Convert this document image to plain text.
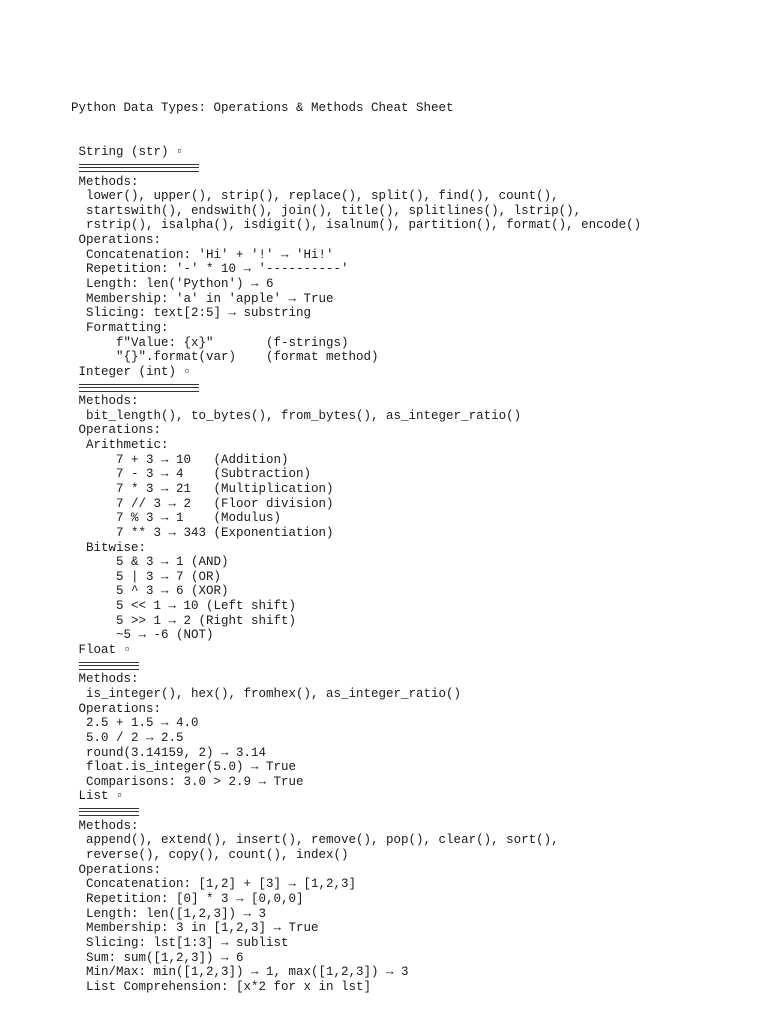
Python Data Types: Operations & Methods Cheat Sheet

String (str) ▫
Methods:
lower(), upper(), strip(), replace(), split(), find(), count(),
startswith(), endswith(), join(), title(), splitlines(), lstrip(),
rstrip(), isalpha(), isdigit(), isalnum(), partition(), format(), encode()
Operations:
Concatenation: 'Hi' + '!' → 'Hi!'
Repetition: '-' * 10 → '----------'
Length: len('Python') → 6
Membership: 'a' in 'apple' → True
Slicing: text[2:5] → substring
Formatting:
f"Value: {x}"       (f-strings)
"{}".format(var)    (format method)
Integer (int) ▫
Methods:
bit_length(), to_bytes(), from_bytes(), as_integer_ratio()
Operations:
Arithmetic:
7 + 3 → 10   (Addition)
7 - 3 → 4    (Subtraction)
7 * 3 → 21   (Multiplication)
7 // 3 → 2   (Floor division)
7 % 3 → 1    (Modulus)
7 ** 3 → 343 (Exponentiation)
Bitwise:
5 & 3 → 1 (AND)
5 | 3 → 7 (OR)
5 ^ 3 → 6 (XOR)
5 << 1 → 10 (Left shift)
5 >> 1 → 2 (Right shift)
~5 → -6 (NOT)
Float ▫
Methods:
is_integer(), hex(), fromhex(), as_integer_ratio()
Operations:
2.5 + 1.5 → 4.0
5.0 / 2 → 2.5
round(3.14159, 2) → 3.14
float.is_integer(5.0) → True
Comparisons: 3.0 > 2.9 → True
List ▫
Methods:
append(), extend(), insert(), remove(), pop(), clear(), sort(),
reverse(), copy(), count(), index()
Operations:
Concatenation: [1,2] + [3] → [1,2,3]
Repetition: [0] * 3 → [0,0,0]
Length: len([1,2,3]) → 3
Membership: 3 in [1,2,3] → True
Slicing: lst[1:3] → sublist
Sum: sum([1,2,3]) → 6
Min/Max: min([1,2,3]) → 1, max([1,2,3]) → 3
List Comprehension: [x*2 for x in lst]
